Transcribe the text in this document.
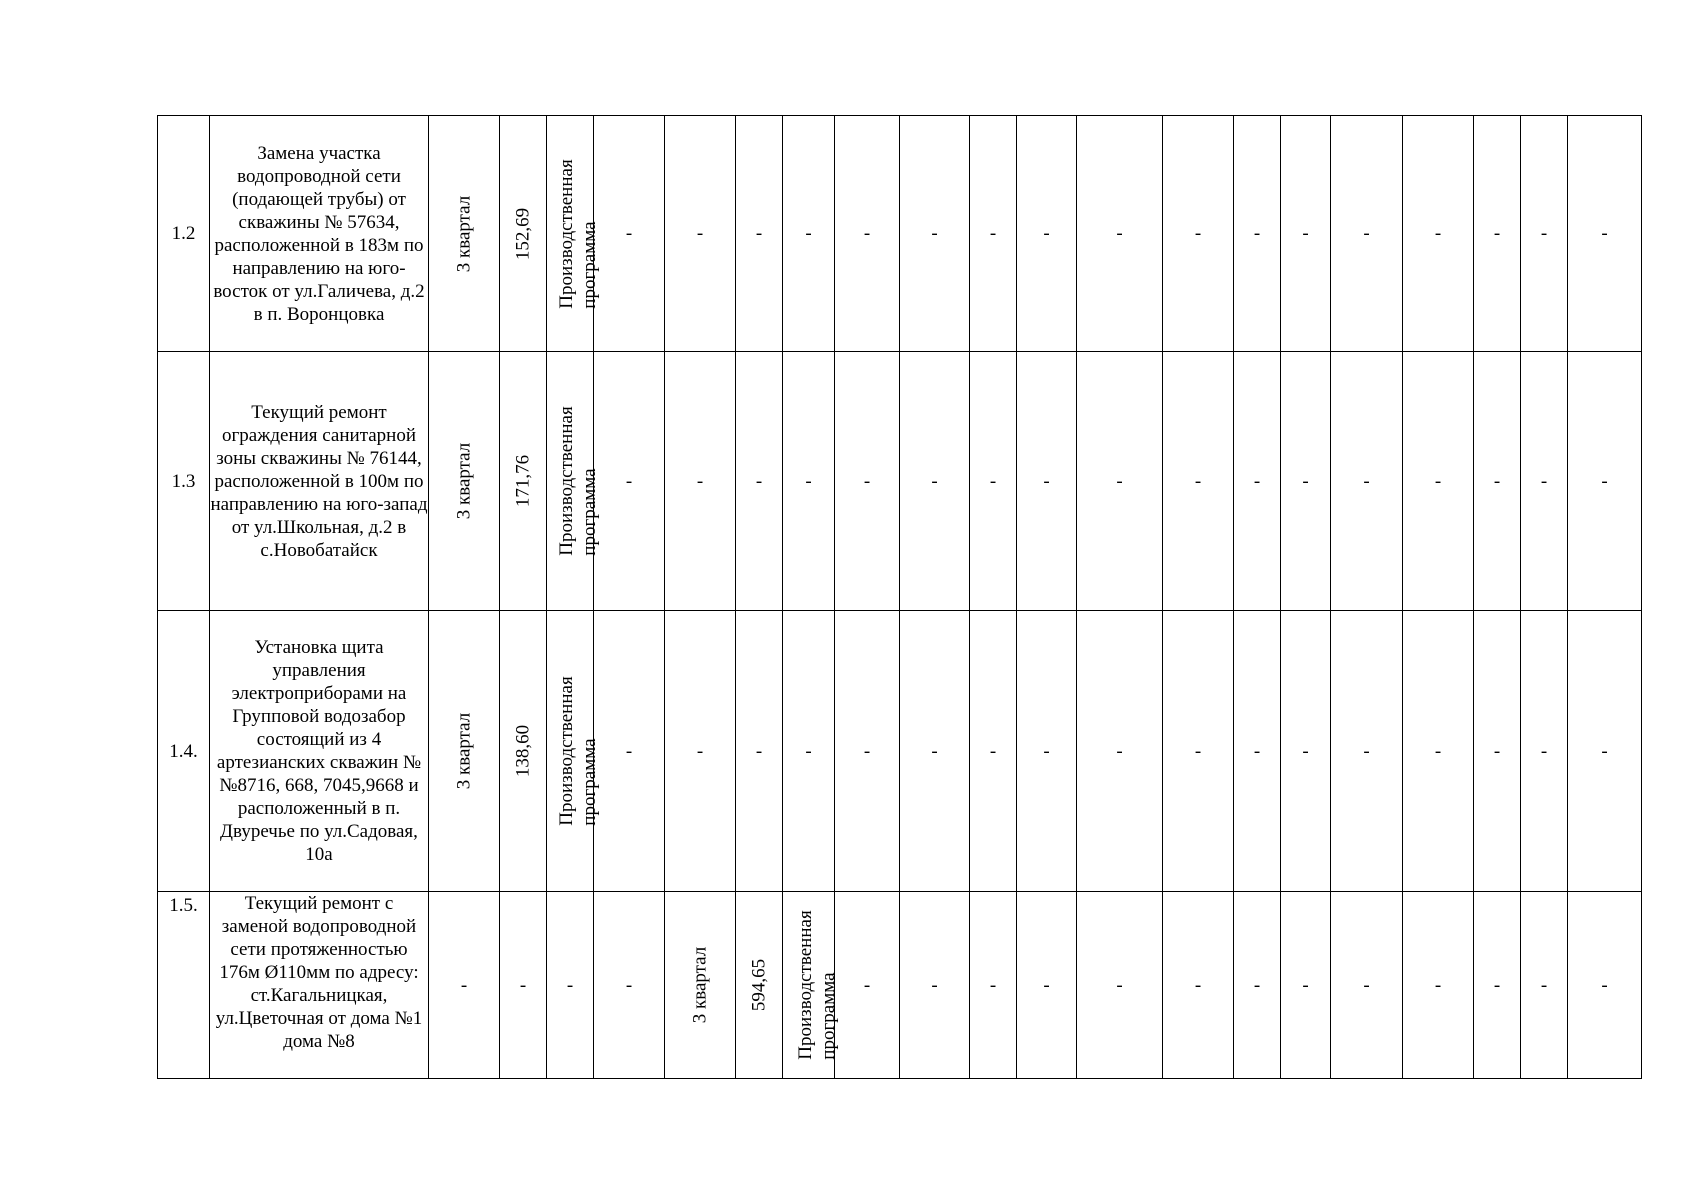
1.2	Замена участка водопроводной сети (подающей трубы) от скважины № 57634, расположенной в 183м по направлению на юго-восток от ул.Галичева, д.2 в п. Воронцовка	3 квартал	152,69	Производственная программа	-	-	-	-	-	-	-	-	-	-	-	-	-	-	-	-	-	
1.3	Текущий ремонт ограждения санитарной зоны скважины № 76144, расположенной в 100м по направлению на юго-запад от ул.Школьная, д.2 в с.Новобатайск	3 квартал	171,76	Производственная программа	-	-	-	-	-	-	-	-	-	-	-	-	-	-	-	-	-	
1.4.	Установка щита управления электроприборами на Групповой водозабор состоящий из 4 артезианских скважин №№8716, 668, 7045,9668 и расположенный в п. Двуречье по ул.Садовая, 10а	3 квартал	138,60	Производственная программа	-	-	-	-	-	-	-	-	-	-	-	-	-	-	-	-	-	
1.5.	Текущий ремонт с заменой водопроводной сети протяженностью 176м Ø110мм по адресу: ст.Кагальницкая, ул.Цветочная от дома №1 дома №8	-	-	-	-	3 квартал	594,65	Производственная программа	-	-	-	-	-	-	-	-	-	-	-	-	-	
